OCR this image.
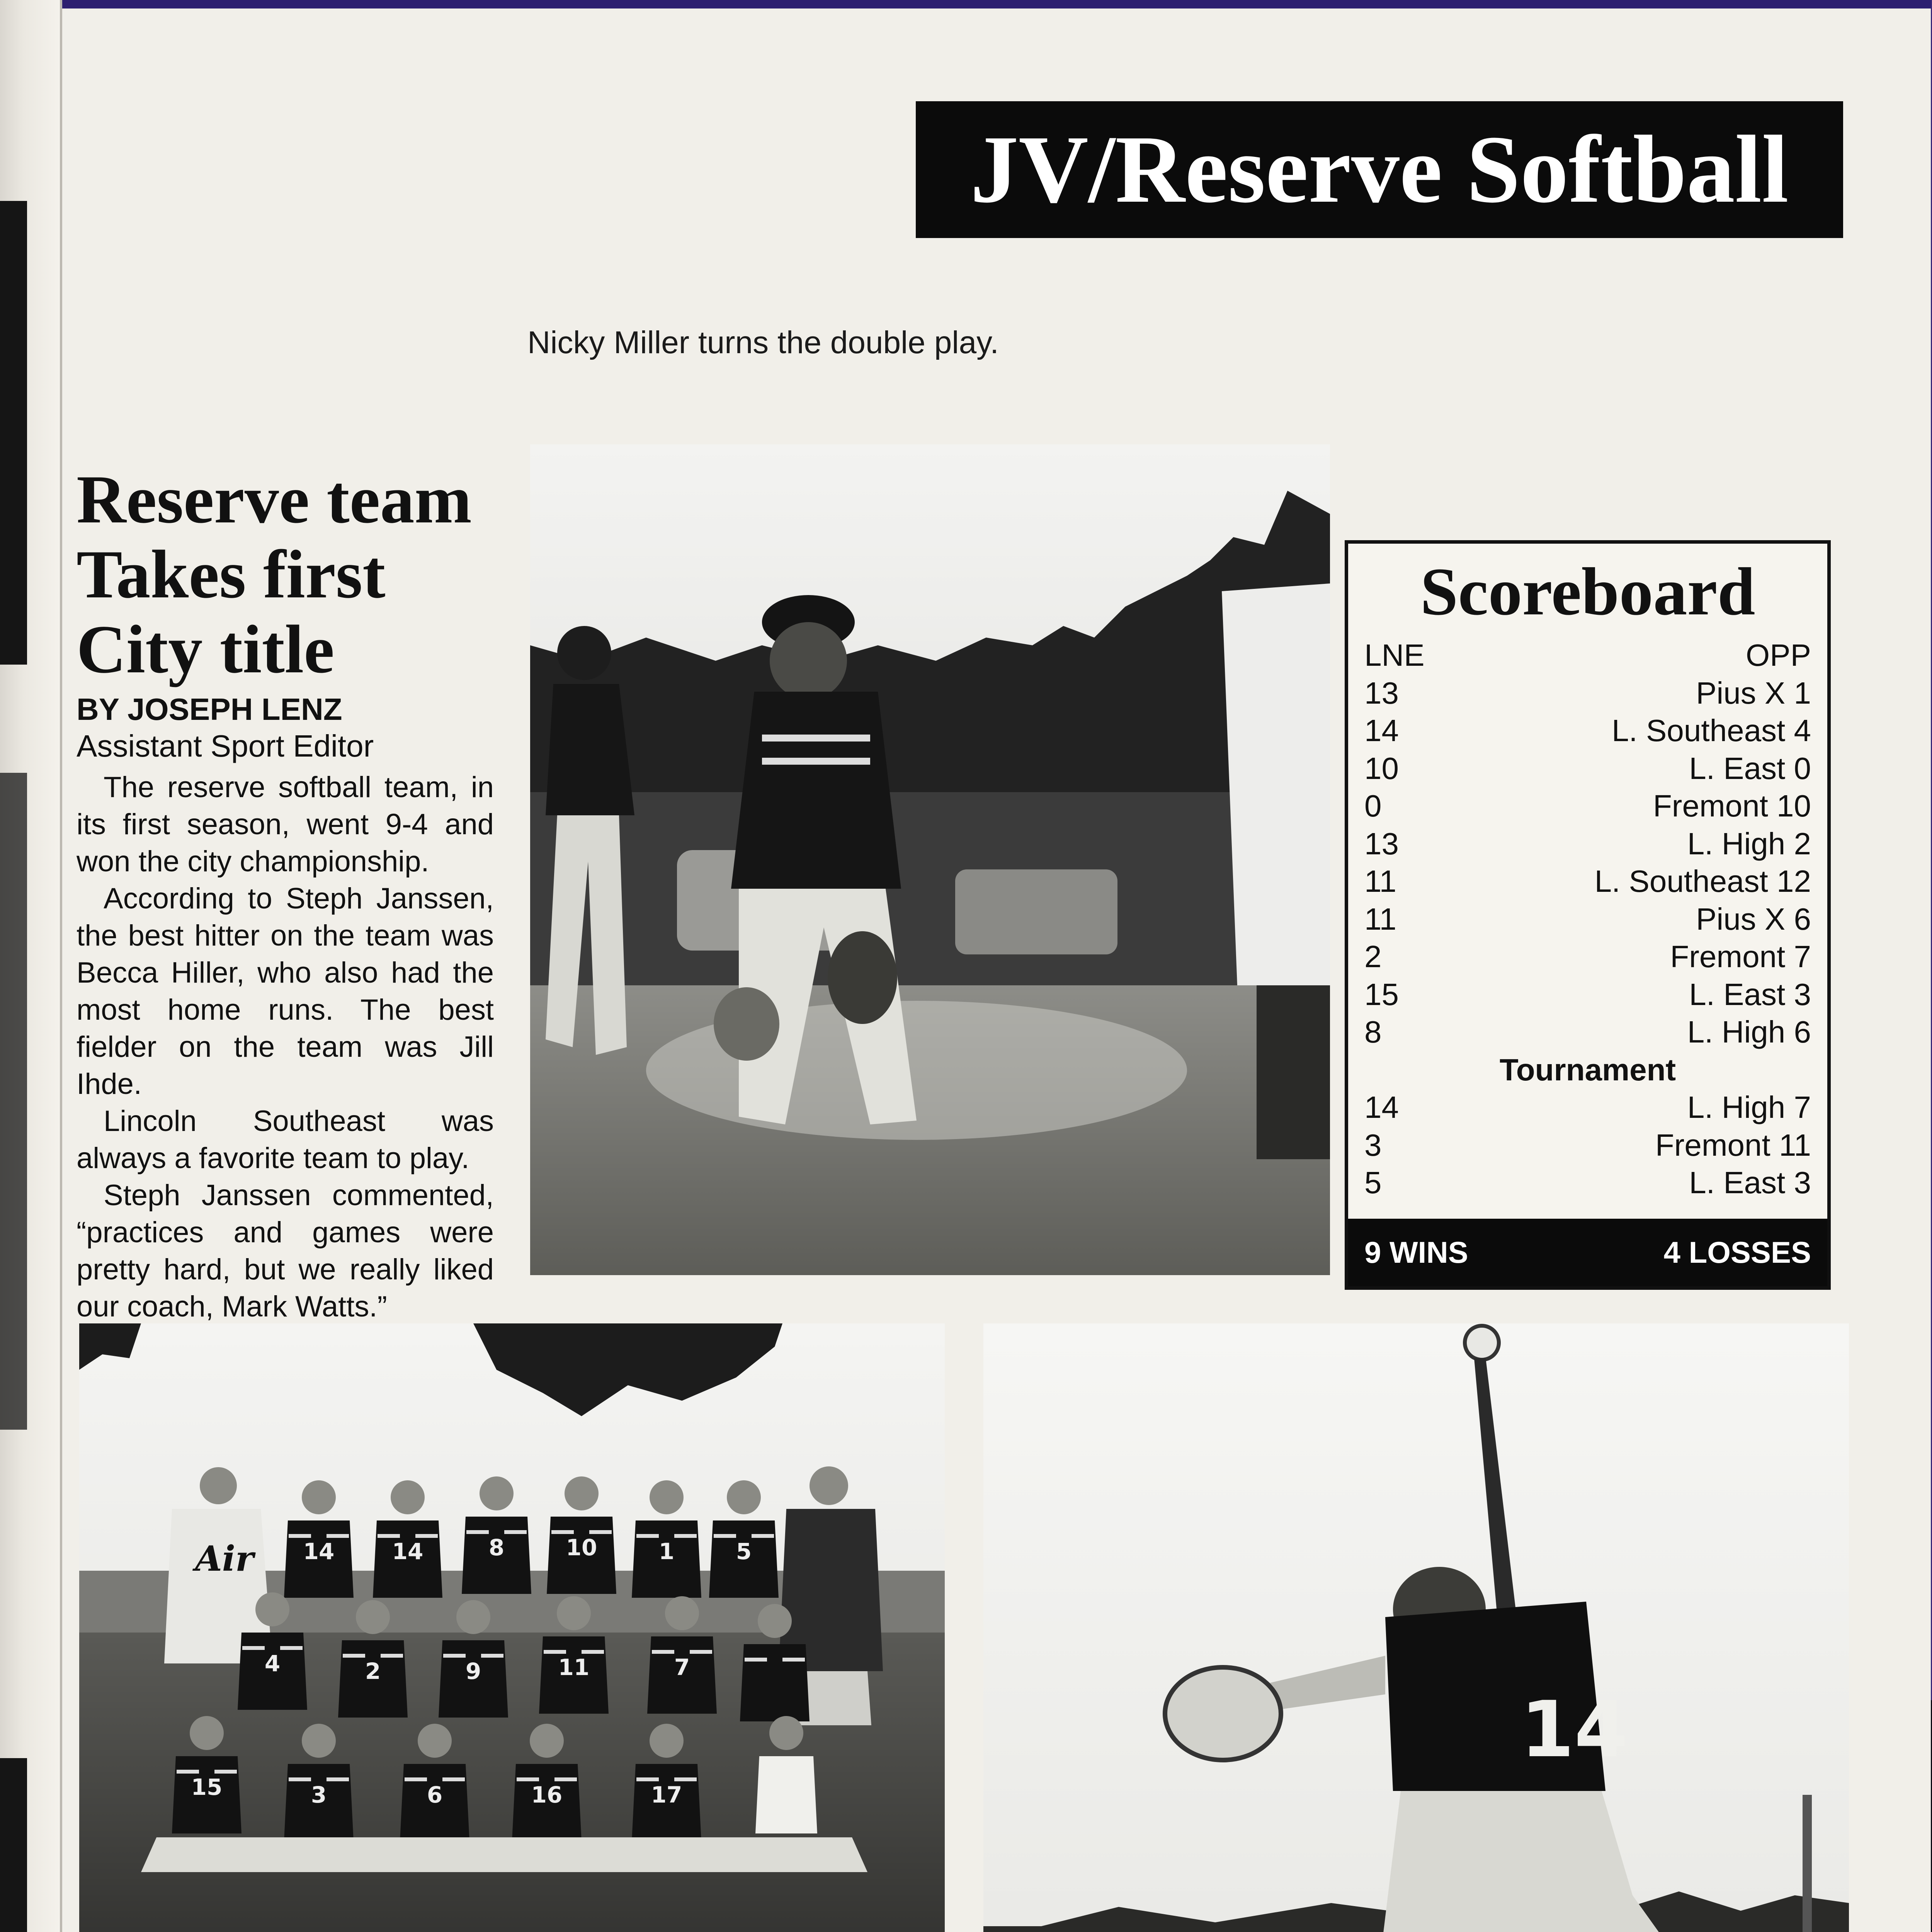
JV/Reserve Softball
Nicky Miller turns the double play.
Reserve team
Takes first
City title
BY JOSEPH LENZ
Assistant Sport Editor

The reserve softball team, in its first season, went 9-4 and won the city championship.

According to Steph Janssen, the best hitter on the team was Becca Hiller, who also had the most home runs. The best fielder on the team was Jill Ihde.

Lincoln Southeast was always a favorite team to play.

Steph Janssen commented, “practices and games were pretty hard, but we really liked our coach, Mark Watts.”

Scoreboard
LNE	OPP
13	Pius X 1
14	L. Southeast 4
10	L. East 0
0	Fremont 10
13	L. High 2
11	L. Southeast 12
11	Pius X 6
2	Fremont 7
15	L. East 3
8	L. High 6
Tournament
14	L. High 7
3	Fremont 11
5	L. East 3
9 WINS	4 LOSSES
Air 14	14	8	10	1	5
4	2	9	11	7
15	3	6	16	17

14
